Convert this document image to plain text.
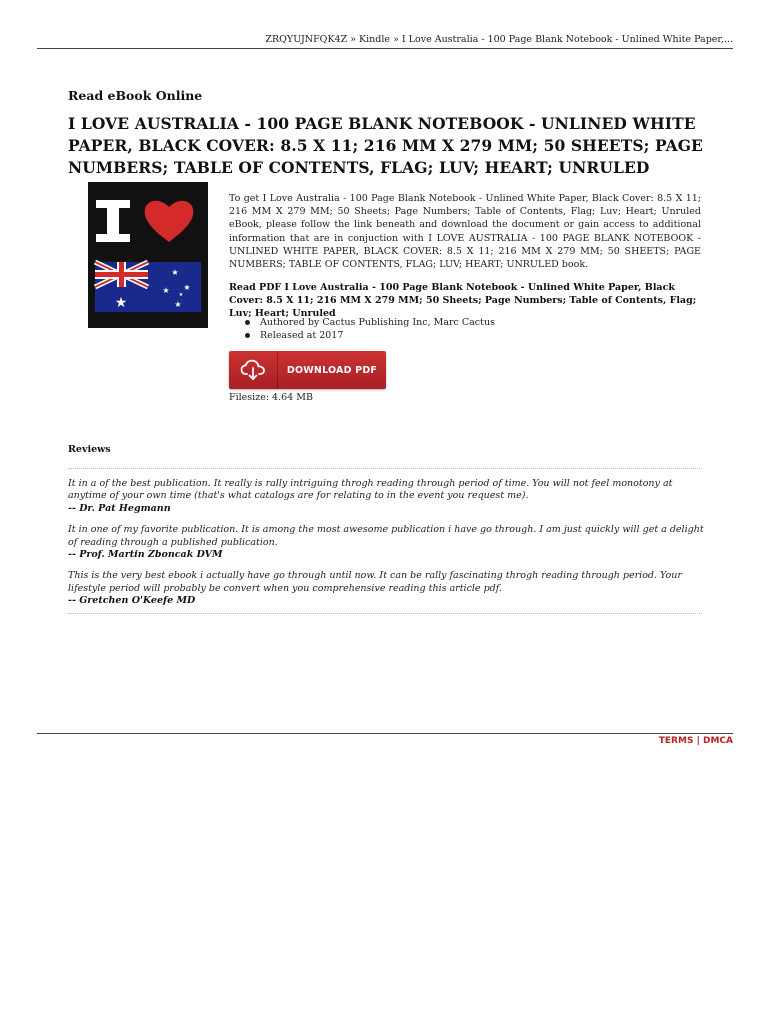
ZRQYUJNFQK4Z » Kindle » I Love Australia - 100 Page Blank Notebook - Unlined White Paper,...
Read eBook Online
I LOVE AUSTRALIA - 100 PAGE BLANK NOTEBOOK - UNLINED WHITE PAPER, BLACK COVER: 8.5 X 11; 216 MM X 279 MM; 50 SHEETS; PAGE NUMBERS; TABLE OF CONTENTS, FLAG; LUV; HEART; UNRULED
★
★
★
★
★
★
To get I Love Australia - 100 Page Blank Notebook - Unlined White Paper, Black Cover: 8.5 X 11; 216 MM X 279 MM; 50 Sheets; Page Numbers; Table of Contents, Flag; Luv; Heart; Unruled eBook, please follow the link beneath and download the document or gain access to additional information that are in conjuction with I LOVE AUSTRALIA - 100 PAGE BLANK NOTEBOOK - UNLINED WHITE PAPER, BLACK COVER: 8.5 X 11; 216 MM X 279 MM; 50 SHEETS; PAGE NUMBERS; TABLE OF CONTENTS, FLAG; LUV; HEART; UNRULED book.
Read PDF I Love Australia - 100 Page Blank Notebook - Unlined White Paper, Black Cover: 8.5 X 11; 216 MM X 279 MM; 50 Sheets; Page Numbers; Table of Contents, Flag; Luv; Heart; Unruled
Authored by Cactus Publishing Inc, Marc Cactus
Released at 2017
DOWNLOAD PDF
Filesize: 4.64 MB
Reviews
It in a of the best publication. It really is rally intriguing throgh reading through period of time. You will not feel monotony at anytime of your own time (that's what catalogs are for relating to in the event you request me).
-- Dr. Pat Hegmann
It in one of my favorite publication. It is among the most awesome publication i have go through. I am just quickly will get a delight of reading through a published publication.
-- Prof. Martin Zboncak DVM
This is the very best ebook i actually have go through until now. It can be rally fascinating throgh reading through period. Your lifestyle period will probably be convert when you comprehensive reading this article pdf.
-- Gretchen O'Keefe MD
TERMS | DMCA
